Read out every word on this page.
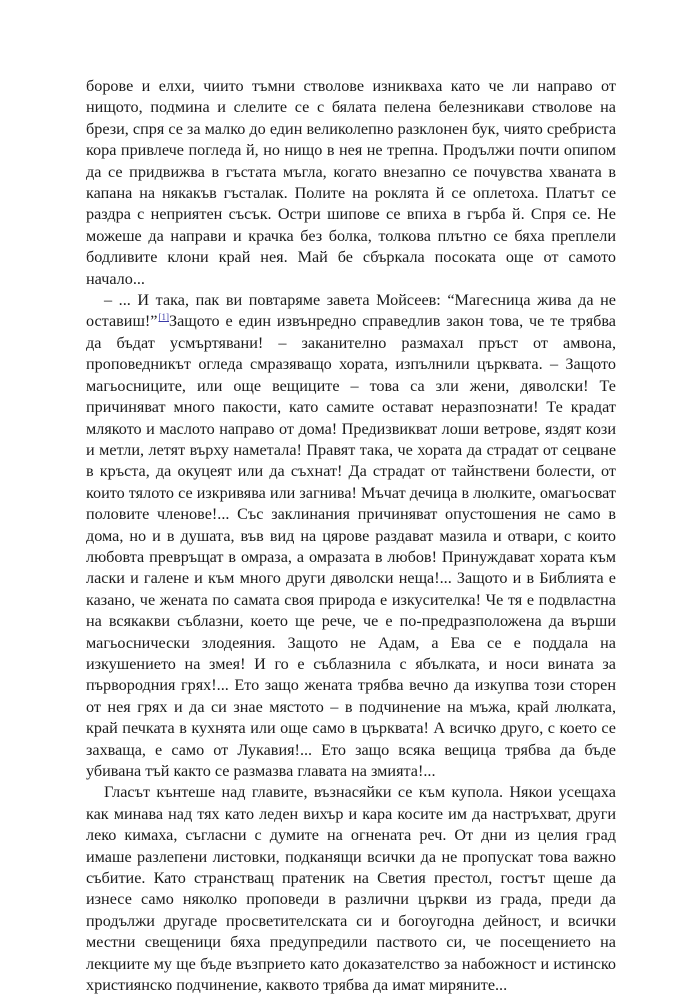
борове и елхи, чиито тъмни стволове изникваха като че ли направо от нищото, подмина и слелите се с бялата пелена белезникави стволове на брези, спря се за малко до един великолепно разклонен бук, чиято сребриста кора привлече погледа й, но нищо в нея не трепна. Продължи почти опипом да се придвижва в гъстата мъгла, когато внезапно се почувства хваната в капана на някакъв гъсталак. Полите на роклята й се оплетоха. Платът се раздра с неприятен съсък. Остри шипове се впиха в гърба й. Спря се. Не можеше да направи и крачка без болка, толкова плътно се бяха преплели бодливите клони край нея. Май бе сбъркала посоката още от самото начало...

– ... И така, пак ви повтаряме завета Мойсеев: “Магесница жива да не оставиш!”[1]Защото е един извънредно справедлив закон това, че те трябва да бъдат усмъртявани! – заканително размахал пръст от амвона, проповедникът огледа смразяващо хората, изпълнили църквата. – Защото магьосниците, или още вещиците – това са зли жени, дяволски! Те причиняват много пакости, като самите остават неразпознати! Те крадат млякото и маслото направо от дома! Предизвикват лоши ветрове, яздят кози и метли, летят върху наметала! Правят така, че хората да страдат от сецване в кръста, да окуцеят или да съхнат! Да страдат от тайнствени болести, от които тялото се изкривява или загнива! Мъчат дечица в люлките, омагьосват половите членове!... Със заклинания причиняват опустошения не само в дома, но и в душата, във вид на цярове раздават мазила и отвари, с които любовта превръщат в омраза, а омразата в любов! Принуждават хората към ласки и галене и към много други дяволски неща!... Защото и в Библията е казано, че жената по самата своя природа е изкусителка! Че тя е подвластна на всякакви съблазни, което ще рече, че е по-предразположена да върши магьоснически злодеяния. Защото не Адам, а Ева се е поддала на изкушението на змея! И го е съблазнила с ябълката, и носи вината за първородния грях!... Ето защо жената трябва вечно да изкупва този сторен от нея грях и да си знае мястото – в подчинение на мъжа, край люлката, край печката в кухнята или още само в църквата! А всичко друго, с което се захваща, е само от Лукавия!... Ето защо всяка вещица трябва да бъде убивана тъй както се размазва главата на змията!...

Гласът кънтеше над главите, възнасяйки се към купола. Някои усещаха как минава над тях като леден вихър и кара косите им да настръхват, други леко кимаха, съгласни с думите на огнената реч. От дни из целия град имаше разлепени листовки, подканящи всички да не пропускат това важно събитие. Като странстващ пратеник на Светия престол, гостът щеше да изнесе само няколко проповеди в различни църкви из града, преди да продължи другаде просветителската си и богоугодна дейност, и всички местни свещеници бяха предупредили паството си, че посещението на лекциите му ще бъде възприето като доказателство за набожност и истинско християнско подчинение, каквото трябва да имат миряните...
